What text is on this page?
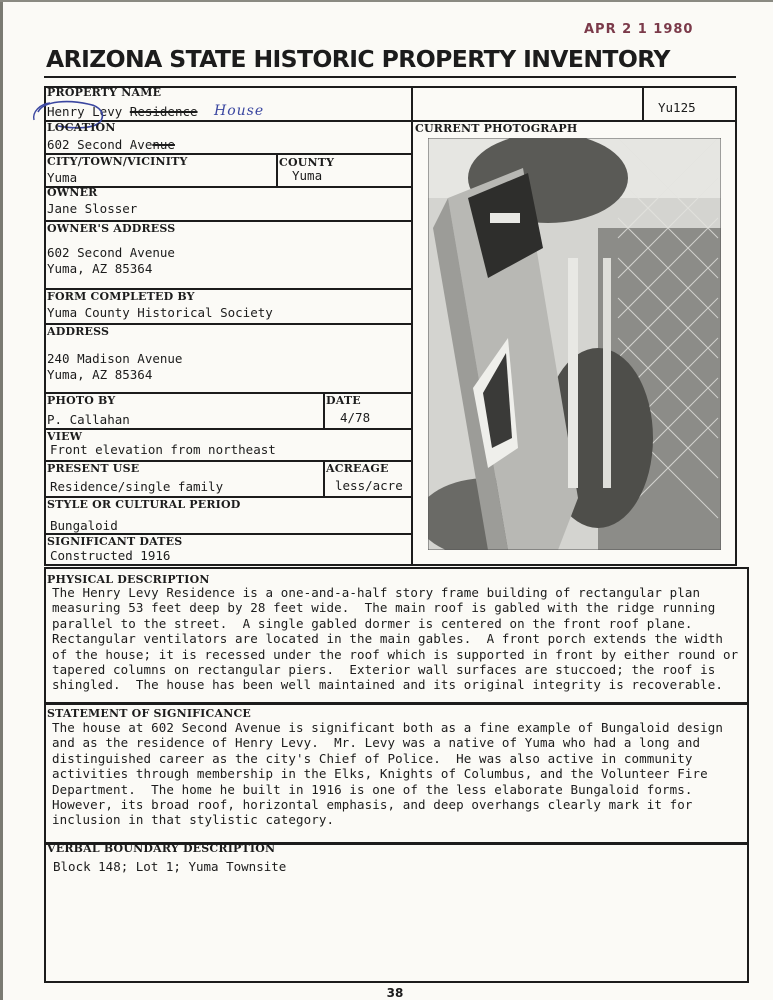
APR 2 1 1980
ARIZONA STATE HISTORIC PROPERTY INVENTORY
PROPERTY NAME
Henry Levy Residence House	Yu125
LOCATION
602 Second Avenue
CITY/TOWN/VICINITY
Yuma
COUNTY
Yuma
OWNER
Jane Slosser
OWNER'S ADDRESS
602 Second Avenue
Yuma, AZ 85364
FORM COMPLETED BY
Yuma County Historical Society
ADDRESS
240 Madison Avenue
Yuma, AZ 85364
PHOTO BY
P. Callahan
DATE
4/78
VIEW
Front elevation from northeast
PRESENT USE
Residence/single family
ACREAGE
less/acre
STYLE OR CULTURAL PERIOD
Bungaloid
SIGNIFICANT DATES
Constructed 1916
CURRENT PHOTOGRAPH
PHYSICAL DESCRIPTION
The Henry Levy Residence is a one-and-a-half story frame building of rectangular plan
measuring 53 feet deep by 28 feet wide.  The main roof is gabled with the ridge running
parallel to the street.  A single gabled dormer is centered on the front roof plane.
Rectangular ventilators are located in the main gables.  A front porch extends the width
of the house; it is recessed under the roof which is supported in front by either round or
tapered columns on rectangular piers.  Exterior wall surfaces are stuccoed; the roof is
shingled.  The house has been well maintained and its original integrity is recoverable.
STATEMENT OF SIGNIFICANCE
The house at 602 Second Avenue is significant both as a fine example of Bungaloid design
and as the residence of Henry Levy.  Mr. Levy was a native of Yuma who had a long and
distinguished career as the city's Chief of Police.  He was also active in community
activities through membership in the Elks, Knights of Columbus, and the Volunteer Fire
Department.  The home he built in 1916 is one of the less elaborate Bungaloid forms.
However, its broad roof, horizontal emphasis, and deep overhangs clearly mark it for
inclusion in that stylistic category.
VERBAL BOUNDARY DESCRIPTION
Block 148; Lot 1; Yuma Townsite
38
